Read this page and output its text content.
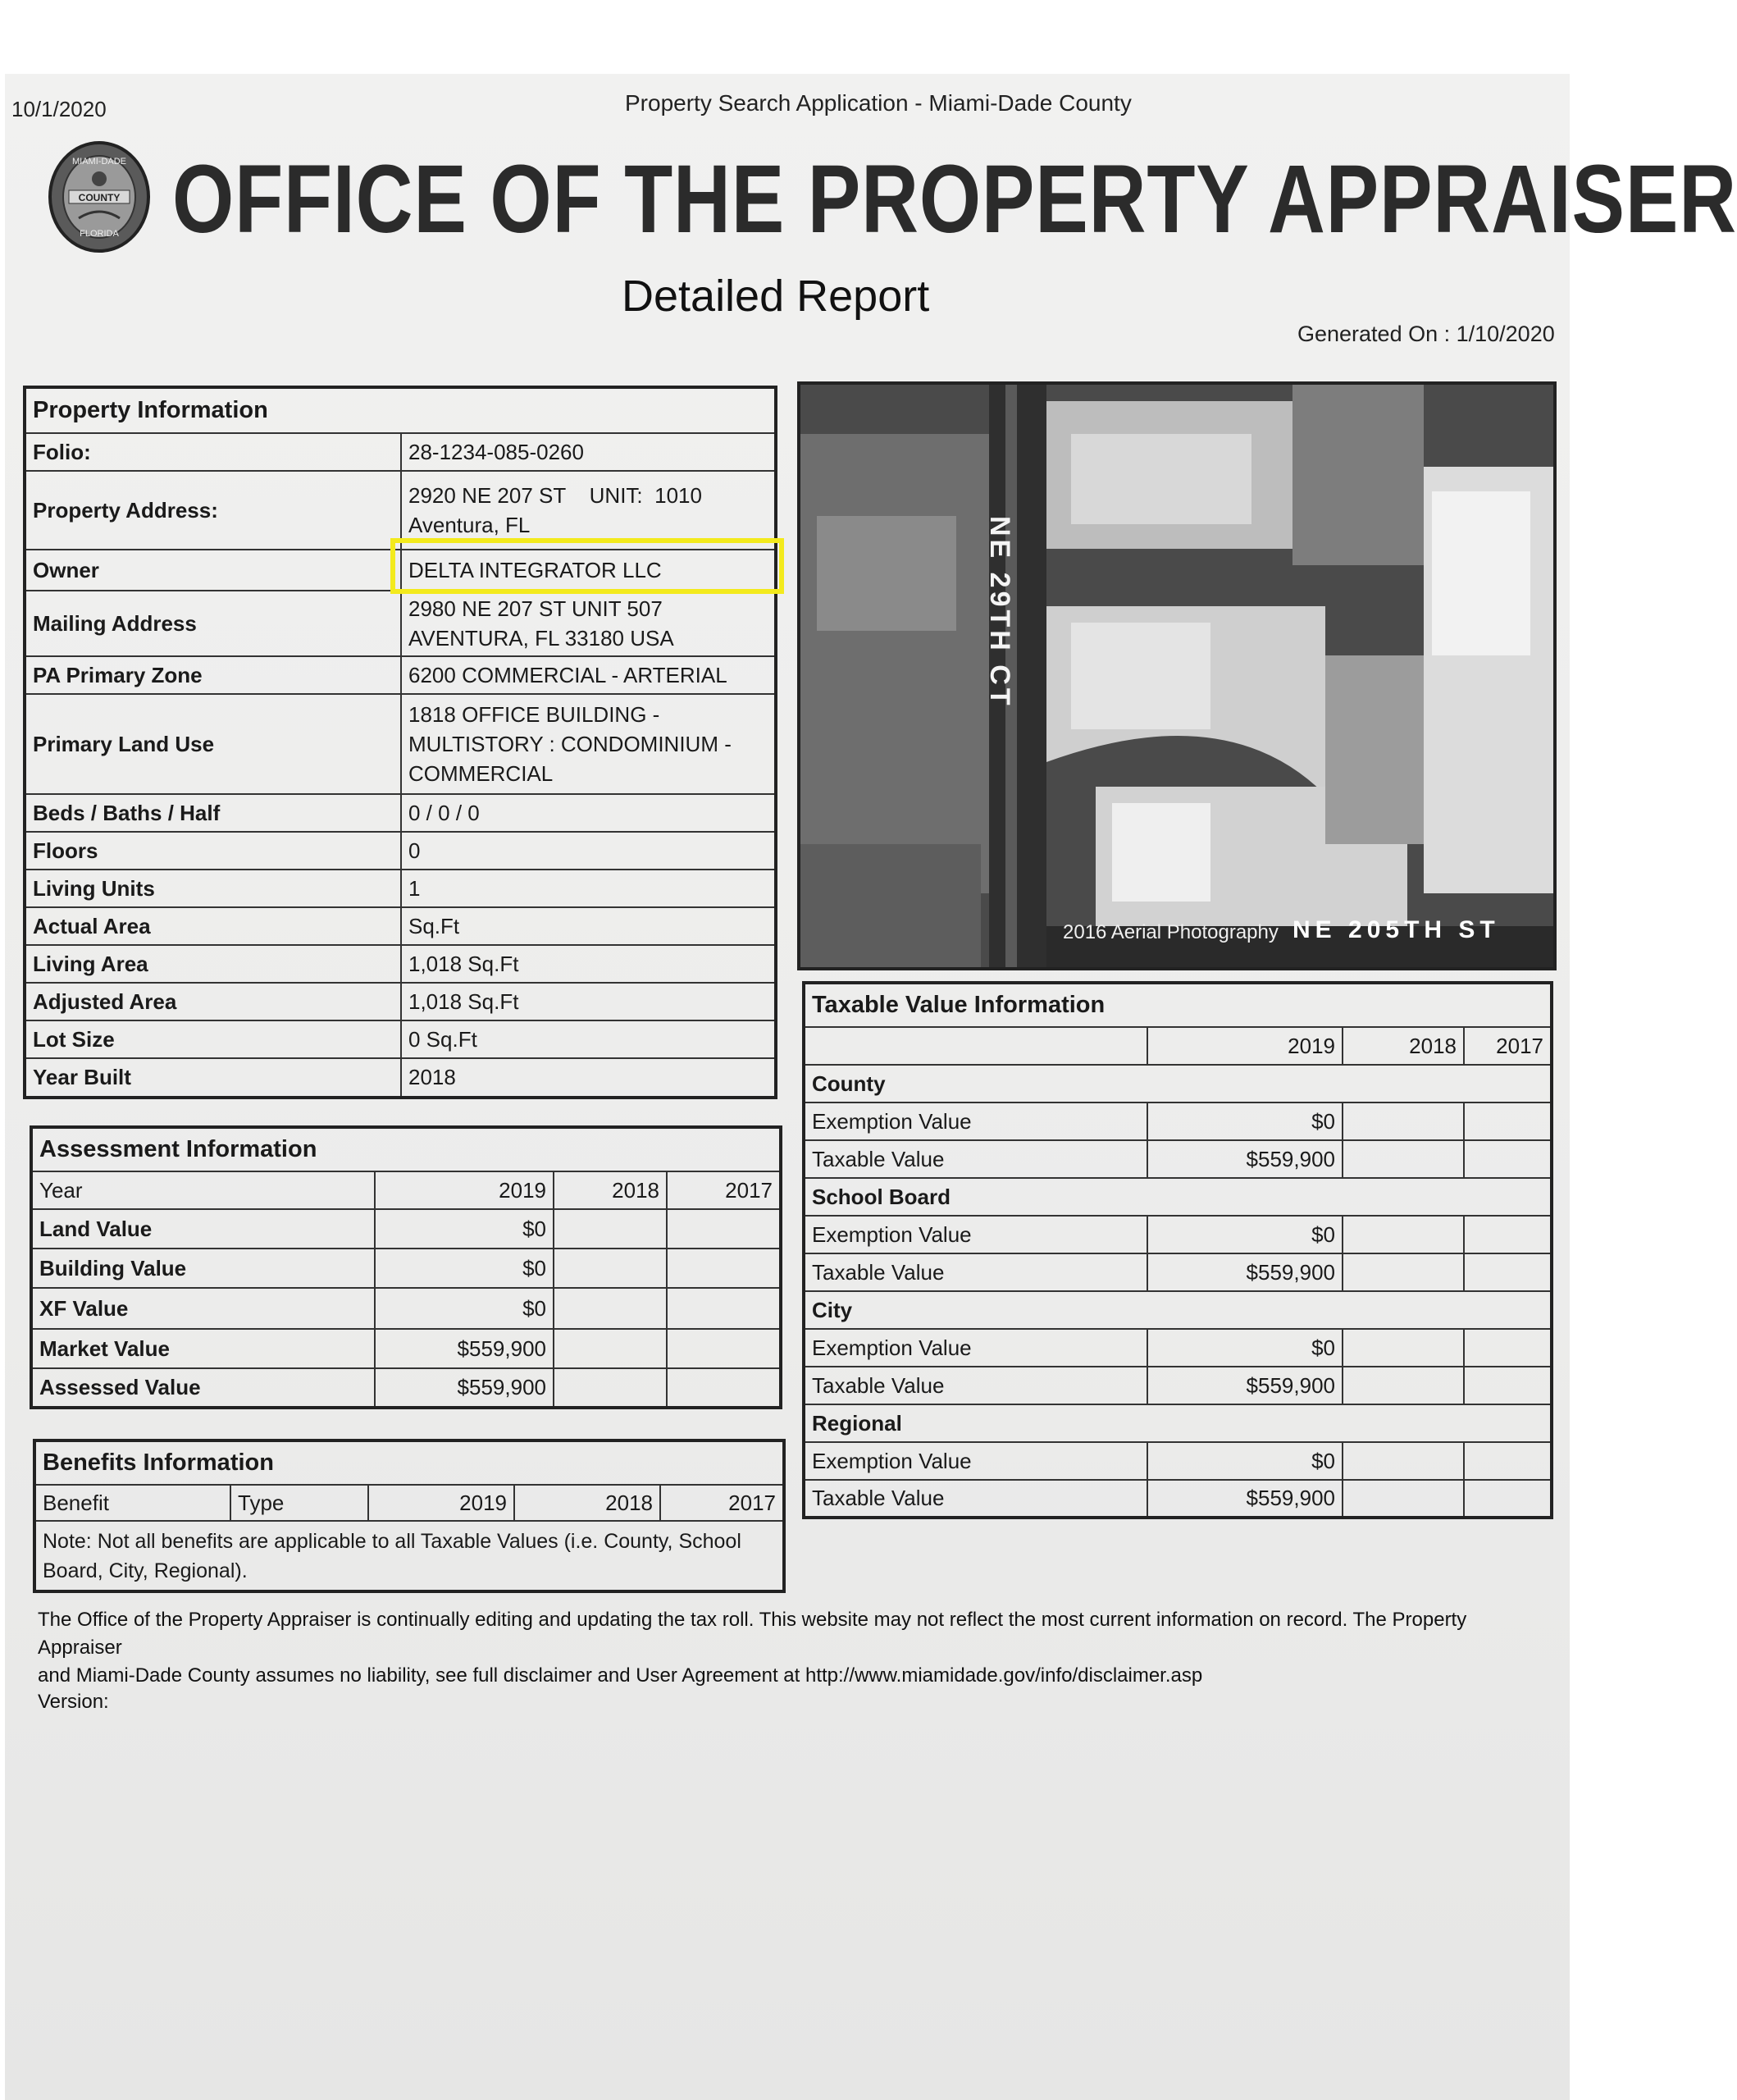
10/1/2020	Property Search Application - Miami-Dade County
COUNTY
MIAMI-DADE
FLORIDA OFFICE OF THE PROPERTY APPRAISER
Detailed Report
Generated On : 1/10/2020
Property Information	
Folio:	28-1234-085-0260
Property Address:	2920 NE 207 ST    UNIT:  1010
Aventura, FL

Owner	DELTA INTEGRATOR LLC
Mailing Address	2980 NE 207 ST UNIT 507
AVENTURA, FL 33180 USA

PA Primary Zone	6200 COMMERCIAL - ARTERIAL
Primary Land Use	1818 OFFICE BUILDING -
MULTISTORY : CONDOMINIUM -
COMMERCIAL

Beds / Baths / Half	0 / 0 / 0
Floors	0
Living Units	1
Actual Area	Sq.Ft
Living Area	1,018 Sq.Ft
Adjusted Area	1,018 Sq.Ft
Lot Size	0 Sq.Ft
Year Built	2018
Assessment Information			
Year	2019	2018	2017
Land Value	$0		
Building Value	$0		
XF Value	$0		
Market Value	$559,900		
Assessed Value	$559,900		
Benefits Information
Benefit	Type	2019	2018	2017
Note: Not all benefits are applicable to all Taxable Values (i.e. County, School Board, City, Regional).
NE 29TH CT
2016 Aerial Photography NE 205TH ST
Taxable Value Information			
	2019	2018	2017
County			
Exemption Value	$0		
Taxable Value	$559,900		
School Board			
Exemption Value	$0		
Taxable Value	$559,900		
City			
Exemption Value	$0		
Taxable Value	$559,900		
Regional			
Exemption Value	$0		
Taxable Value	$559,900		
The Office of the Property Appraiser is continually editing and updating the tax roll. This website may not reflect the most current information on record. The Property Appraiser
and Miami-Dade County assumes no liability, see full disclaimer and User Agreement at http://www.miamidade.gov/info/disclaimer.asp
Version:
